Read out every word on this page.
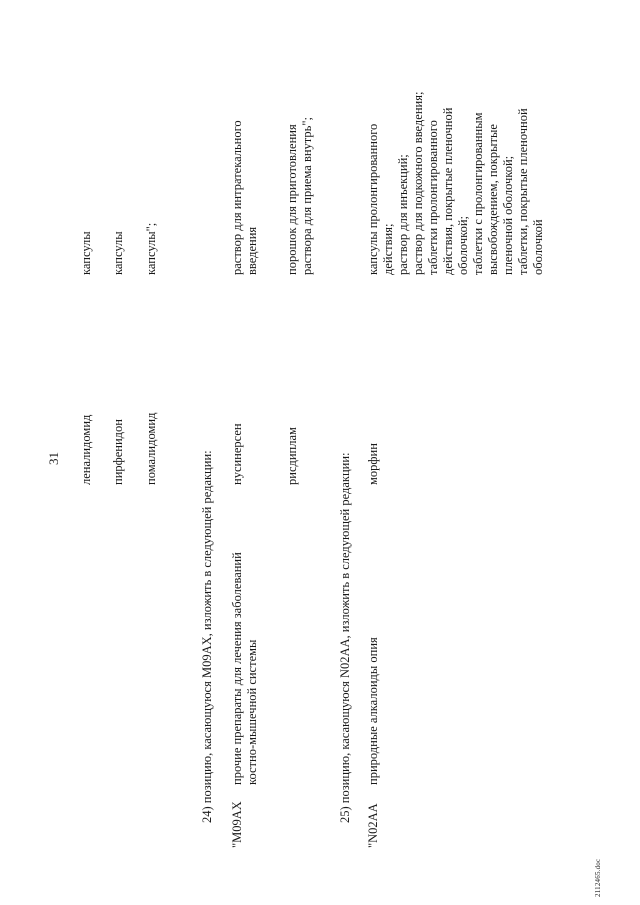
31 леналидомид
капсулы
пирфенидон
капсулы
помалидомид
капсулы";
24) позицию, касающуюся M09AX, изложить в следующей редакции:
"M09AX
прочие препараты для лечения заболеваний костно-мышечной системы
нусинерсен
раствор для интратекального введения
рисдиплам
порошок для приготовления раствора для приема внутрь";
25) позицию, касающуюся N02AA, изложить в следующей редакции:
"N02AA
природные алкалоиды опия
морфин
капсулы пролонгированного действия; раствор для инъекций; раствор для подкожного введения; таблетки пролонгированного действия, покрытые пленочной оболочкой; таблетки с пролонгированным высвобождением, покрытые пленочной оболочкой; таблетки, покрытые пленочной оболочкой
2112465.doc
